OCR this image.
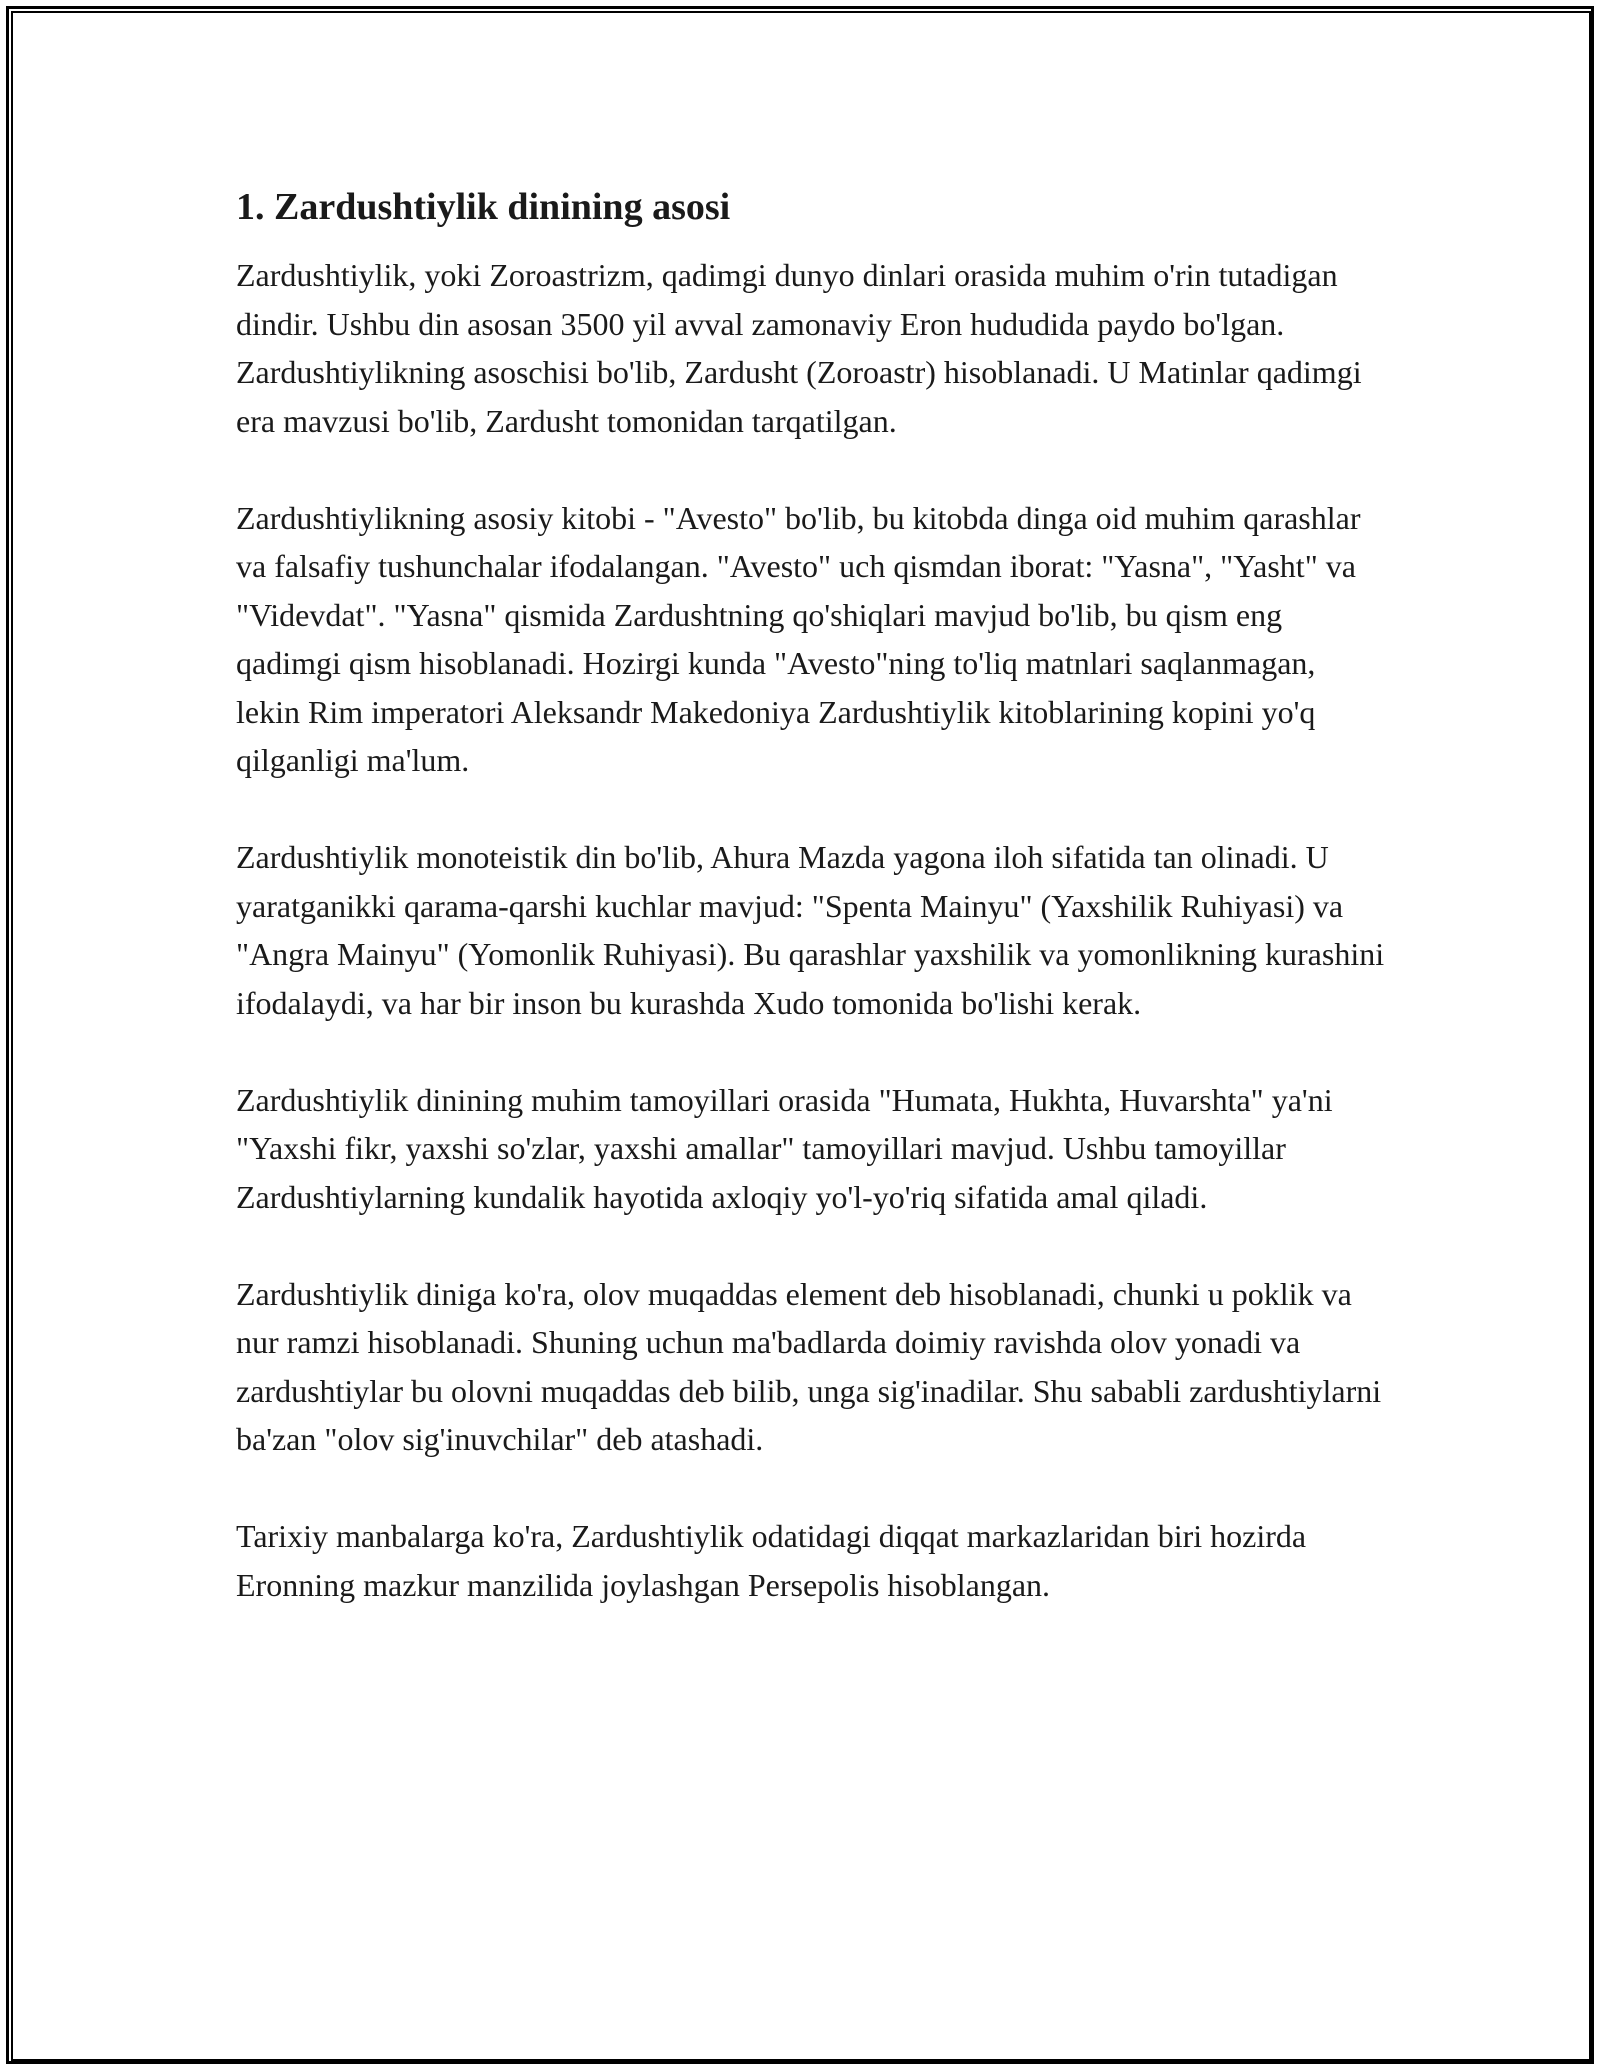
1. Zardushtiylik dinining asosi

Zardushtiylik, yoki Zoroastrizm, qadimgi dunyo dinlari orasida muhim o'rin tutadigan dindir. Ushbu din asosan 3500 yil avval zamonaviy Eron hududida paydo bo'lgan. Zardushtiylikning asoschisi bo'lib, Zardusht (Zoroastr) hisoblanadi. U Matinlar qadimgi era mavzusi bo'lib, Zardusht tomonidan tarqatilgan.

Zardushtiylikning asosiy kitobi - "Avesto" bo'lib, bu kitobda dinga oid muhim qarashlar va falsafiy tushunchalar ifodalangan. "Avesto" uch qismdan iborat: "Yasna", "Yasht" va "Videvdat". "Yasna" qismida Zardushtning qo'shiqlari mavjud bo'lib, bu qism eng qadimgi qism hisoblanadi. Hozirgi kunda "Avesto"ning to'liq matnlari saqlanmagan, lekin Rim imperatori Aleksandr Makedoniya Zardushtiylik kitoblarining kopini yo'q qilganligi ma'lum.

Zardushtiylik monoteistik din bo'lib, Ahura Mazda yagona iloh sifatida tan olinadi. U yaratganikki qarama-qarshi kuchlar mavjud: "Spenta Mainyu" (Yaxshilik Ruhiyasi) va "Angra Mainyu" (Yomonlik Ruhiyasi). Bu qarashlar yaxshilik va yomonlikning kurashini ifodalaydi, va har bir inson bu kurashda Xudo tomonida bo'lishi kerak.

Zardushtiylik dinining muhim tamoyillari orasida "Humata, Hukhta, Huvarshta" ya'ni "Yaxshi fikr, yaxshi so'zlar, yaxshi amallar" tamoyillari mavjud. Ushbu tamoyillar Zardushtiylarning kundalik hayotida axloqiy yo'l-yo'riq sifatida amal qiladi.

Zardushtiylik diniga ko'ra, olov muqaddas element deb hisoblanadi, chunki u poklik va nur ramzi hisoblanadi. Shuning uchun ma'badlarda doimiy ravishda olov yonadi va zardushtiylar bu olovni muqaddas deb bilib, unga sig'inadilar. Shu sababli zardushtiylarni ba'zan "olov sig'inuvchilar" deb atashadi.

Tarixiy manbalarga ko'ra, Zardushtiylik odatidagi diqqat markazlaridan biri hozirda Eronning mazkur manzilida joylashgan Persepolis hisoblangan.
